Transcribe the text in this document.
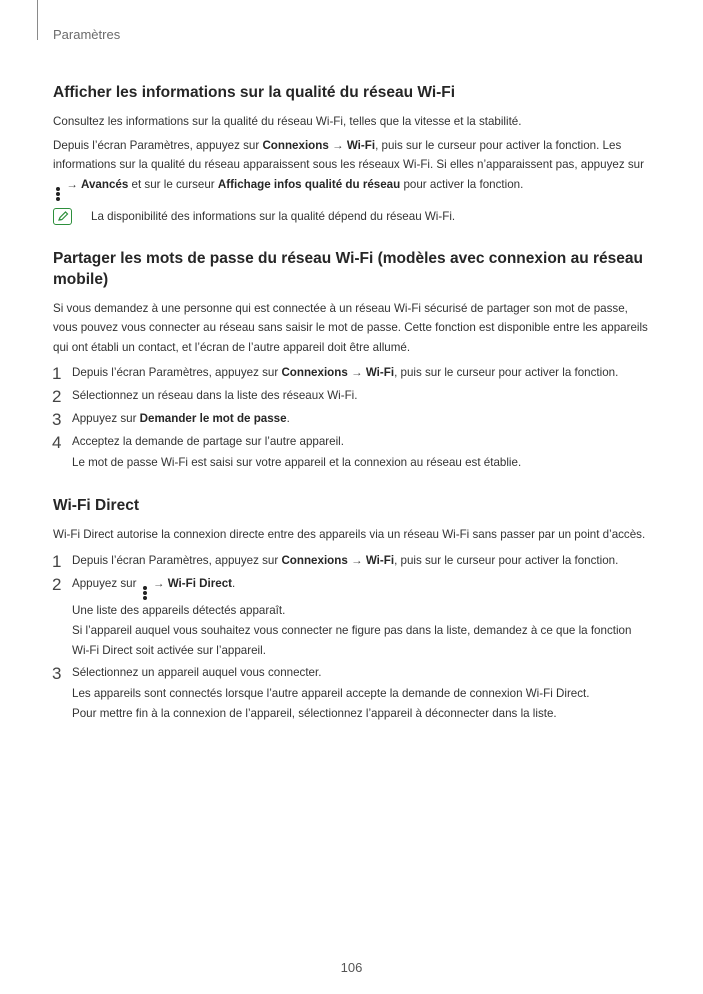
Paramètres
Afficher les informations sur la qualité du réseau Wi-Fi

Consultez les informations sur la qualité du réseau Wi-Fi, telles que la vitesse et la stabilité.

Depuis l’écran Paramètres, appuyez sur Connexions → Wi-Fi, puis sur le curseur pour activer la fonction. Les informations sur la qualité du réseau apparaissent sous les réseaux Wi-Fi. Si elles n’apparaissent pas, appuyez sur
→ Avancés et sur le curseur Affichage infos qualité du réseau pour activer la fonction.

La disponibilité des informations sur la qualité dépend du réseau Wi-Fi.
Partager les mots de passe du réseau Wi-Fi (modèles avec connexion au réseau mobile)

Si vous demandez à une personne qui est connectée à un réseau Wi-Fi sécurisé de partager son mot de passe, vous pouvez vous connecter au réseau sans saisir le mot de passe. Cette fonction est disponible entre les appareils qui ont établi un contact, et l’écran de l’autre appareil doit être allumé.

1 Depuis l’écran Paramètres, appuyez sur Connexions → Wi-Fi, puis sur le curseur pour activer la fonction.

2 Sélectionnez un réseau dans la liste des réseaux Wi-Fi.

3 Appuyez sur Demander le mot de passe.

4 Acceptez la demande de partage sur l’autre appareil.

Le mot de passe Wi-Fi est saisi sur votre appareil et la connexion au réseau est établie.

Wi-Fi Direct

Wi-Fi Direct autorise la connexion directe entre des appareils via un réseau Wi-Fi sans passer par un point d’accès.

1 Depuis l’écran Paramètres, appuyez sur Connexions → Wi-Fi, puis sur le curseur pour activer la fonction.

2 Appuyez sur
→ Wi-Fi Direct.

Une liste des appareils détectés apparaît.

Si l’appareil auquel vous souhaitez vous connecter ne figure pas dans la liste, demandez à ce que la fonction Wi-Fi Direct soit activée sur l’appareil.

3 Sélectionnez un appareil auquel vous connecter.

Les appareils sont connectés lorsque l’autre appareil accepte la demande de connexion Wi-Fi Direct.

Pour mettre fin à la connexion de l’appareil, sélectionnez l’appareil à déconnecter dans la liste.

106
